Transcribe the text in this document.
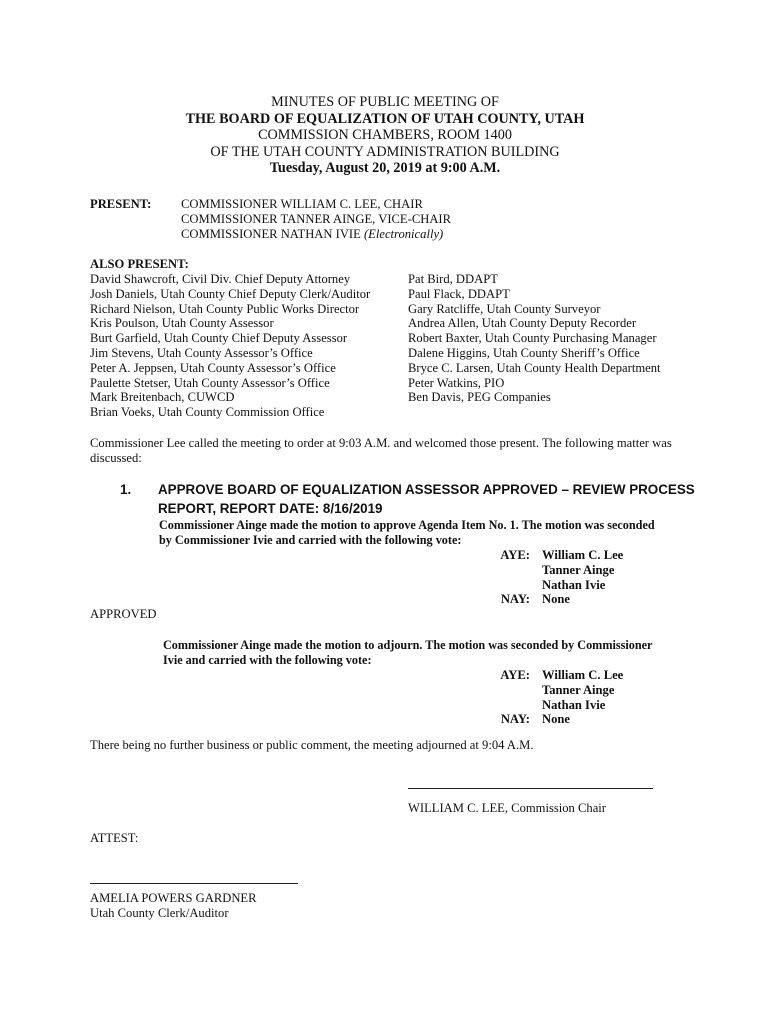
MINUTES OF PUBLIC MEETING OF
THE BOARD OF EQUALIZATION OF UTAH COUNTY, UTAH
COMMISSION CHAMBERS, ROOM 1400
OF THE UTAH COUNTY ADMINISTRATION BUILDING
Tuesday, August 20, 2019 at 9:00 A.M.
PRESENT: COMMISSIONER WILLIAM C. LEE, CHAIR
COMMISSIONER TANNER AINGE, VICE-CHAIR
COMMISSIONER NATHAN IVIE (Electronically)
ALSO PRESENT:
David Shawcroft, Civil Div. Chief Deputy Attorney
Josh Daniels, Utah County Chief Deputy Clerk/Auditor
Richard Nielson, Utah County Public Works Director
Kris Poulson, Utah County Assessor
Burt Garfield, Utah County Chief Deputy Assessor
Jim Stevens, Utah County Assessor’s Office
Peter A. Jeppsen, Utah County Assessor’s Office
Paulette Stetser, Utah County Assessor’s Office
Mark Breitenbach, CUWCD
Brian Voeks, Utah County Commission Office
Pat Bird, DDAPT
Paul Flack, DDAPT
Gary Ratcliffe, Utah County Surveyor
Andrea Allen, Utah County Deputy Recorder
Robert Baxter, Utah County Purchasing Manager
Dalene Higgins, Utah County Sheriff’s Office
Bryce C. Larsen, Utah County Health Department
Peter Watkins, PIO
Ben Davis, PEG Companies
Commissioner Lee called the meeting to order at 9:03 A.M. and welcomed those present. The following matter was discussed:
1. APPROVE BOARD OF EQUALIZATION ASSESSOR APPROVED – REVIEW PROCESS
REPORT, REPORT DATE: 8/16/2019
Commissioner Ainge made the motion to approve Agenda Item No. 1. The motion was seconded
by Commissioner Ivie and carried with the following vote:
AYE: William C. Lee
Tanner Ainge
Nathan Ivie
NAY: None
APPROVED
Commissioner Ainge made the motion to adjourn. The motion was seconded by Commissioner
Ivie and carried with the following vote:
AYE: William C. Lee
Tanner Ainge
Nathan Ivie
NAY: None
There being no further business or public comment, the meeting adjourned at 9:04 A.M.
WILLIAM C. LEE, Commission Chair
ATTEST:
AMELIA POWERS GARDNER
Utah County Clerk/Auditor
